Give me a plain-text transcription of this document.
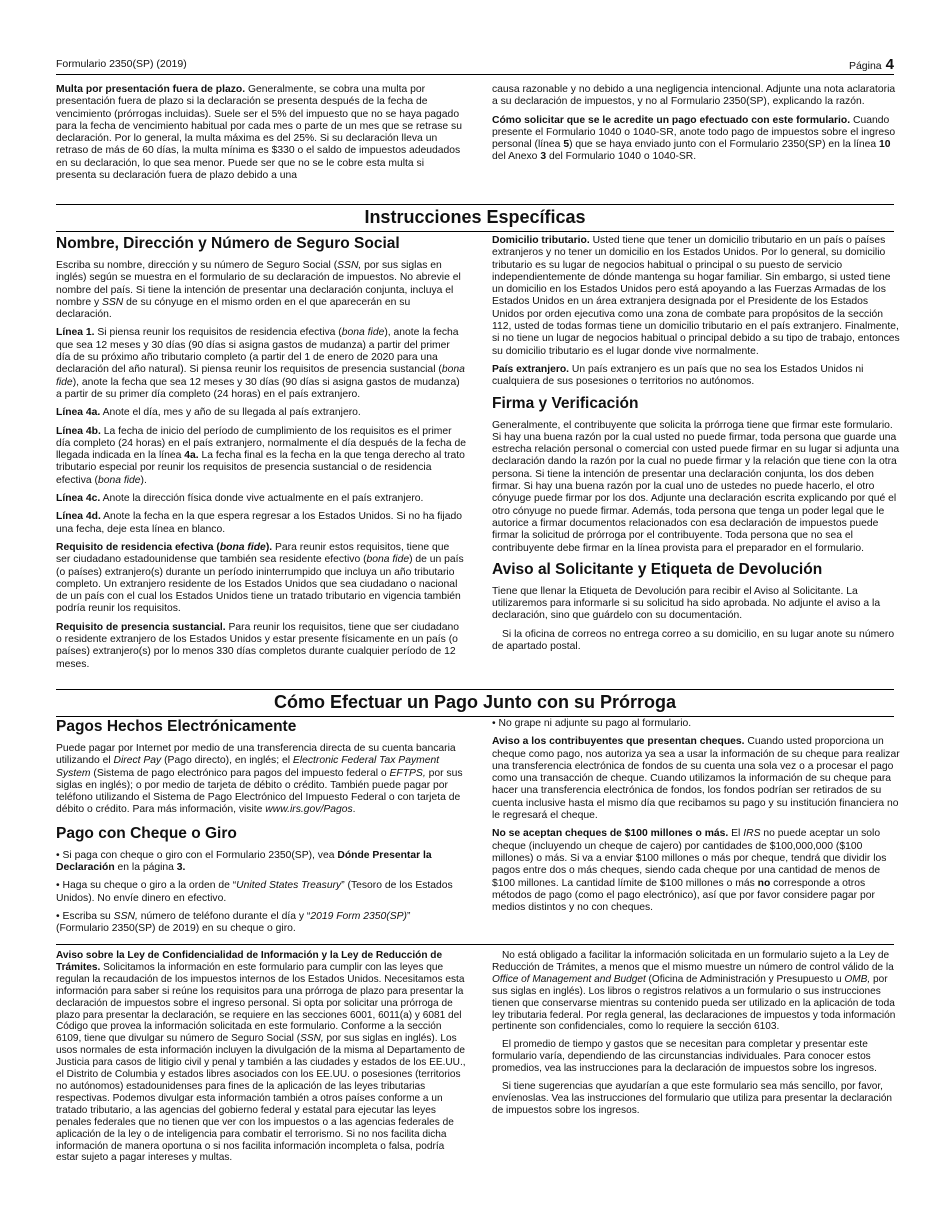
Formulario 2350(SP) (2019)	Página 4

Multa por presentación fuera de plazo. Generalmente, se cobra una multa por presentación fuera de plazo si la declaración se presenta después de la fecha de vencimiento (prórrogas incluidas). Suele ser el 5% del impuesto que no se haya pagado para la fecha de vencimiento habitual por cada mes o parte de un mes que se retrase su declaración. Por lo general, la multa máxima es del 25%. Si su declaración lleva un retraso de más de 60 días, la multa mínima es $330 o el saldo de impuestos adeudados en su declaración, lo que sea menor. Puede ser que no se le cobre esta multa si presenta su declaración fuera de plazo debido a una

causa razonable y no debido a una negligencia intencional. Adjunte una nota aclaratoria a su declaración de impuestos, y no al Formulario 2350(SP), explicando la razón.

Cómo solicitar que se le acredite un pago efectuado con este formulario. Cuando presente el Formulario 1040 o 1040-SR, anote todo pago de impuestos sobre el ingreso personal (línea 5) que se haya enviado junto con el Formulario 2350(SP) en la línea 10 del Anexo 3 del Formulario 1040 o 1040-SR.

Instrucciones Específicas
Nombre, Dirección y Número de Seguro Social

Escriba su nombre, dirección y su número de Seguro Social (SSN, por sus siglas en inglés) según se muestra en el formulario de su declaración de impuestos. No abrevie el nombre del país. Si tiene la intención de presentar una declaración conjunta, incluya el nombre y SSN de su cónyuge en el mismo orden en el que aparecerán en su declaración.

Línea 1. Si piensa reunir los requisitos de residencia efectiva (bona fide), anote la fecha que sea 12 meses y 30 días (90 días si asigna gastos de mudanza) a partir del primer día de su próximo año tributario completo (a partir del 1 de enero de 2020 para una declaración del año natural). Si piensa reunir los requisitos de presencia sustancial (bona fide), anote la fecha que sea 12 meses y 30 días (90 días si asigna gastos de mudanza) a partir de su primer día completo (24 horas) en el país extranjero.

Línea 4a. Anote el día, mes y año de su llegada al país extranjero.

Línea 4b. La fecha de inicio del período de cumplimiento de los requisitos es el primer día completo (24 horas) en el país extranjero, normalmente el día después de la fecha de llegada indicada en la línea 4a. La fecha final es la fecha en la que tenga derecho al trato tributario especial por reunir los requisitos de presencia sustancial o de residencia efectiva (bona fide).

Línea 4c. Anote la dirección física donde vive actualmente en el país extranjero.

Línea 4d. Anote la fecha en la que espera regresar a los Estados Unidos. Si no ha fijado una fecha, deje esta línea en blanco.

Requisito de residencia efectiva (bona fide). Para reunir estos requisitos, tiene que ser ciudadano estadounidense que también sea residente efectivo (bona fide) de un país (o países) extranjero(s) durante un período ininterrumpido que incluya un año tributario completo. Un extranjero residente de los Estados Unidos que sea ciudadano o nacional de un país con el cual los Estados Unidos tiene un tratado tributario en vigencia también podría reunir los requisitos.

Requisito de presencia sustancial. Para reunir los requisitos, tiene que ser ciudadano o residente extranjero de los Estados Unidos y estar presente físicamente en un país (o países) extranjero(s) por lo menos 330 días completos durante cualquier período de 12 meses.

Domicilio tributario. Usted tiene que tener un domicilio tributario en un país o países extranjeros y no tener un domicilio en los Estados Unidos. Por lo general, su domicilio tributario es su lugar de negocios habitual o principal o su puesto de servicio independientemente de dónde mantenga su hogar familiar. Sin embargo, si usted tiene un domicilio en los Estados Unidos pero está apoyando a las Fuerzas Armadas de los Estados Unidos en un área extranjera designada por el Presidente de los Estados Unidos por orden ejecutiva como una zona de combate para propósitos de la sección 112, usted de todas formas tiene un domicilio tributario en el país extranjero. Finalmente, si no tiene un lugar de negocios habitual o principal debido a su tipo de trabajo, entonces su domicilio tributario es el lugar donde vive normalmente.

País extranjero. Un país extranjero es un país que no sea los Estados Unidos ni cualquiera de sus posesiones o territorios no autónomos.

Firma y Verificación

Generalmente, el contribuyente que solicita la prórroga tiene que firmar este formulario. Si hay una buena razón por la cual usted no puede firmar, toda persona que guarde una estrecha relación personal o comercial con usted puede firmar en su lugar si adjunta una declaración dando la razón por la cual no puede firmar y la relación que tiene con la otra persona. Si tiene la intención de presentar una declaración conjunta, los dos deben firmar. Si hay una buena razón por la cual uno de ustedes no puede hacerlo, el otro cónyuge puede firmar por los dos. Adjunte una declaración escrita explicando por qué el otro cónyuge no puede firmar. Además, toda persona que tenga un poder legal que le autorice a firmar documentos relacionados con esa declaración de impuestos puede firmar la solicitud de prórroga por el contribuyente. Toda persona que no sea el contribuyente debe firmar en la línea provista para el preparador en el formulario.

Aviso al Solicitante y Etiqueta de Devolución

Tiene que llenar la Etiqueta de Devolución para recibir el Aviso al Solicitante. La utilizaremos para informarle si su solicitud ha sido aprobada. No adjunte el aviso a la declaración, sino que guárdelo con su documentación.

Si la oficina de correos no entrega correo a su domicilio, en su lugar anote su número de apartado postal.

Cómo Efectuar un Pago Junto con su Prórroga
Pagos Hechos Electrónicamente

Puede pagar por Internet por medio de una transferencia directa de su cuenta bancaria utilizando el Direct Pay (Pago directo), en inglés; el Electronic Federal Tax Payment System (Sistema de pago electrónico para pagos del impuesto federal o EFTPS, por sus siglas en inglés); o por medio de tarjeta de débito o crédito. También puede pagar por teléfono utilizando el Sistema de Pago Electrónico del Impuesto Federal o con tarjeta de débito o crédito. Para más información, visite www.irs.gov/Pagos.

Pago con Cheque o Giro

• Si paga con cheque o giro con el Formulario 2350(SP), vea Dónde Presentar la Declaración en la página 3.

• Haga su cheque o giro a la orden de “United States Treasury” (Tesoro de los Estados Unidos). No envíe dinero en efectivo.

• Escriba su SSN, número de teléfono durante el día y “2019 Form 2350(SP)” (Formulario 2350(SP) de 2019) en su cheque o giro.

• No grape ni adjunte su pago al formulario.

Aviso a los contribuyentes que presentan cheques. Cuando usted proporciona un cheque como pago, nos autoriza ya sea a usar la información de su cheque para realizar una transferencia electrónica de fondos de su cuenta una sola vez o a procesar el pago como una transacción de cheque. Cuando utilizamos la información de su cheque para hacer una transferencia electrónica de fondos, los fondos podrían ser retirados de su cuenta inclusive hasta el mismo día que recibamos su pago y su institución financiera no le regresará el cheque.

No se aceptan cheques de $100 millones o más. El IRS no puede aceptar un solo cheque (incluyendo un cheque de cajero) por cantidades de $100,000,000 ($100 millones) o más. Si va a enviar $100 millones o más por cheque, tendrá que dividir los pagos entre dos o más cheques, siendo cada cheque por una cantidad de menos de $100 millones. La cantidad límite de $100 millones o más no corresponde a otros métodos de pago (como el pago electrónico), así que por favor considere pagar por medios distintos y no con cheques.

Aviso sobre la Ley de Confidencialidad de Información y la Ley de Reducción de Trámites. Solicitamos la información en este formulario para cumplir con las leyes que regulan la recaudación de los impuestos internos de los Estados Unidos. Necesitamos esta información para saber si reúne los requisitos para una prórroga de plazo para presentar la declaración de impuestos sobre el ingreso personal. Si opta por solicitar una prórroga de plazo para presentar la declaración, se requiere en las secciones 6001, 6011(a) y 6081 del Código que provea la información solicitada en este formulario. Conforme a la sección 6109, tiene que divulgar su número de Seguro Social (SSN, por sus siglas en inglés). Los usos normales de esta información incluyen la divulgación de la misma al Departamento de Justicia para casos de litigio civil y penal y también a las ciudades y estados de los EE.UU., el Distrito de Columbia y estados libres asociados con los EE.UU. o posesiones (territorios no autónomos) estadounidenses para fines de la aplicación de las leyes tributarias respectivas. Podemos divulgar esta información también a otros países conforme a un tratado tributario, a las agencias del gobierno federal y estatal para ejecutar las leyes penales federales que no tienen que ver con los impuestos o a las agencias federales de aplicación de la ley o de inteligencia para combatir el terrorismo. Si no nos facilita dicha información de manera oportuna o si nos facilita información incompleta o falsa, podría estar sujeto a pagar intereses y multas.

No está obligado a facilitar la información solicitada en un formulario sujeto a la Ley de Reducción de Trámites, a menos que el mismo muestre un número de control válido de la Office of Management and Budget (Oficina de Administración y Presupuesto u OMB, por sus siglas en inglés). Los libros o registros relativos a un formulario o sus instrucciones tienen que conservarse mientras su contenido pueda ser utilizado en la aplicación de toda ley tributaria federal. Por regla general, las declaraciones de impuestos y toda información pertinente son confidenciales, como lo requiere la sección 6103.

El promedio de tiempo y gastos que se necesitan para completar y presentar este formulario varía, dependiendo de las circunstancias individuales. Para conocer estos promedios, vea las instrucciones para la declaración de impuestos sobre los ingresos.

Si tiene sugerencias que ayudarían a que este formulario sea más sencillo, por favor, envíenoslas. Vea las instrucciones del formulario que utiliza para presentar la declaración de impuestos sobre los ingresos.
